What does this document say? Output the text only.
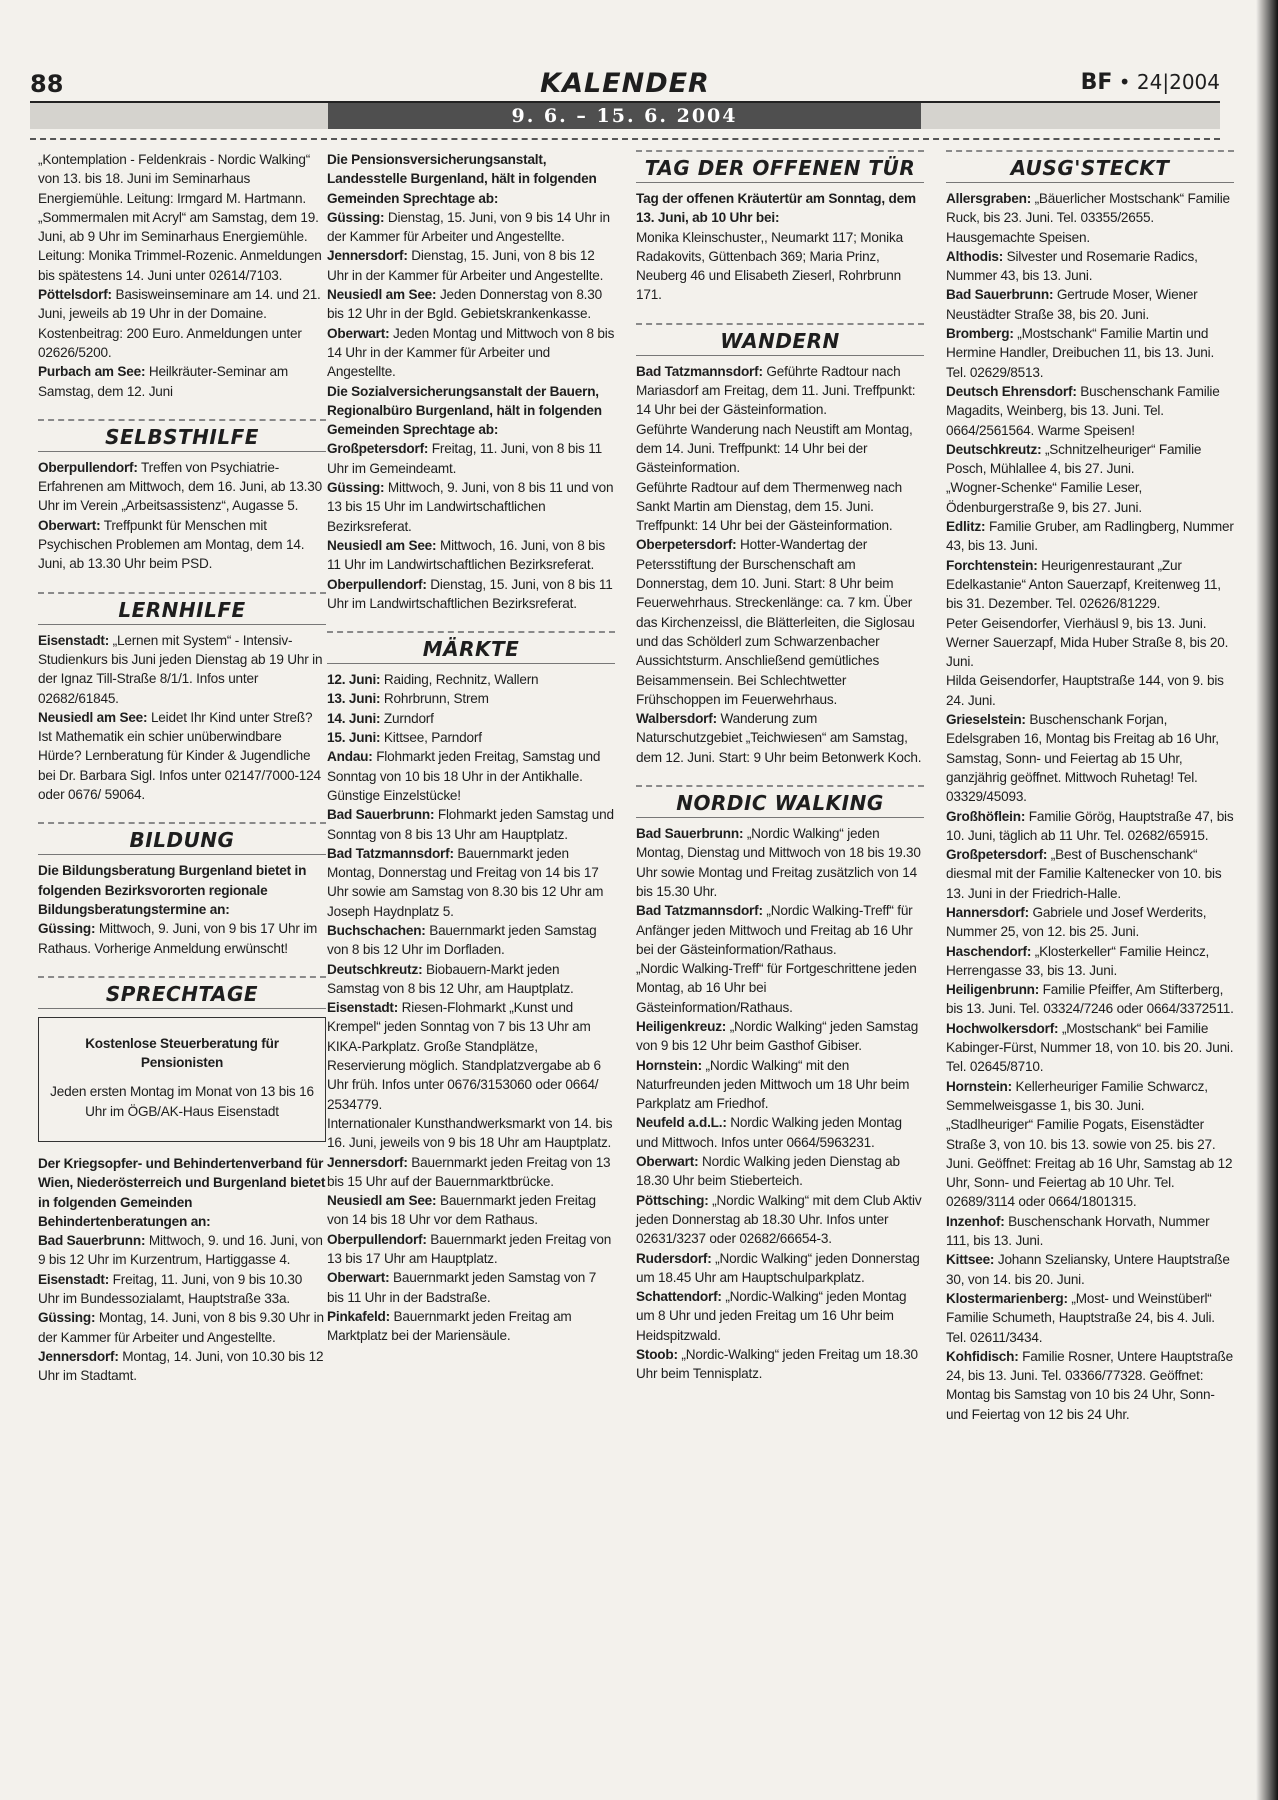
88	KALENDER	BF • 24|2004
9. 6. – 15. 6. 2004

„Kontemplation - Feldenkrais - Nordic Walking“ von 13. bis 18. Juni im Seminarhaus Energiemühle. Leitung: Irmgard M. Hartmann.

„Sommermalen mit Acryl“ am Samstag, dem 19. Juni, ab 9 Uhr im Seminarhaus Energiemühle. Leitung: Monika Trimmel-Rozenic. Anmeldungen bis spätestens 14. Juni unter 02614/7103.

Pöttelsdorf: Basisweinseminare am 14. und 21. Juni, jeweils ab 19 Uhr in der Domaine. Kostenbeitrag: 200 Euro. Anmeldungen unter 02626/5200.

Purbach am See: Heilkräuter-Seminar am Samstag, dem 12. Juni

SELBSTHILFE

Oberpullendorf: Treffen von Psychiatrie-Erfahrenen am Mittwoch, dem 16. Juni, ab 13.30 Uhr im Verein „Arbeitsassistenz“, Augasse 5.

Oberwart: Treffpunkt für Menschen mit Psychischen Problemen am Montag, dem 14. Juni, ab 13.30 Uhr beim PSD.

LERNHILFE

Eisenstadt: „Lernen mit System“ - Intensiv-Studienkurs bis Juni jeden Dienstag ab 19 Uhr in der Ignaz Till-Straße 8/1/1. Infos unter 02682/61845.

Neusiedl am See: Leidet Ihr Kind unter Streß? Ist Mathematik ein schier unüberwindbare Hürde? Lernberatung für Kinder & Jugendliche bei Dr. Barbara Sigl. Infos unter 02147/7000-124 oder 0676/ 59064.

BILDUNG

Die Bildungsberatung Burgenland bietet in folgenden Bezirksvororten regionale Bildungsberatungstermine an:

Güssing: Mittwoch, 9. Juni, von 9 bis 17 Uhr im Rathaus. Vorherige Anmeldung erwünscht!

SPRECHTAGE

Kostenlose Steuerberatung für Pensionisten

Jeden ersten Montag im Monat von 13 bis 16 Uhr im ÖGB/AK-Haus Eisenstadt

Der Kriegsopfer- und Behindertenverband für Wien, Niederösterreich und Burgenland bietet in folgenden Gemeinden Behindertenberatungen an:

Bad Sauerbrunn: Mittwoch, 9. und 16. Juni, von 9 bis 12 Uhr im Kurzentrum, Hartiggasse 4.

Eisenstadt: Freitag, 11. Juni, von 9 bis 10.30 Uhr im Bundessozialamt, Hauptstraße 33a.

Güssing: Montag, 14. Juni, von 8 bis 9.30 Uhr in der Kammer für Arbeiter und Angestellte.

Jennersdorf: Montag, 14. Juni, von 10.30 bis 12 Uhr im Stadtamt.

Die Pensionsversicherungsanstalt, Landesstelle Burgenland, hält in folgenden Gemeinden Sprechtage ab:

Güssing: Dienstag, 15. Juni, von 9 bis 14 Uhr in der Kammer für Arbeiter und Angestellte.

Jennersdorf: Dienstag, 15. Juni, von 8 bis 12 Uhr in der Kammer für Arbeiter und Angestellte.

Neusiedl am See: Jeden Donnerstag von 8.30 bis 12 Uhr in der Bgld. Gebietskrankenkasse.

Oberwart: Jeden Montag und Mittwoch von 8 bis 14 Uhr in der Kammer für Arbeiter und Angestellte.

Die Sozialversicherungsanstalt der Bauern, Regionalbüro Burgenland, hält in folgenden Gemeinden Sprechtage ab:

Großpetersdorf: Freitag, 11. Juni, von 8 bis 11 Uhr im Gemeindeamt.

Güssing: Mittwoch, 9. Juni, von 8 bis 11 und von 13 bis 15 Uhr im Landwirtschaftlichen Bezirksreferat.

Neusiedl am See: Mittwoch, 16. Juni, von 8 bis 11 Uhr im Landwirtschaftlichen Bezirksreferat.

Oberpullendorf: Dienstag, 15. Juni, von 8 bis 11 Uhr im Landwirtschaftlichen Bezirksreferat.

MÄRKTE

12. Juni: Raiding, Rechnitz, Wallern

13. Juni: Rohrbrunn, Strem

14. Juni: Zurndorf

15. Juni: Kittsee, Parndorf

Andau: Flohmarkt jeden Freitag, Samstag und Sonntag von 10 bis 18 Uhr in der Antikhalle. Günstige Einzelstücke!

Bad Sauerbrunn: Flohmarkt jeden Samstag und Sonntag von 8 bis 13 Uhr am Hauptplatz.

Bad Tatzmannsdorf: Bauernmarkt jeden Montag, Donnerstag und Freitag von 14 bis 17 Uhr sowie am Samstag von 8.30 bis 12 Uhr am Joseph Haydnplatz 5.

Buchschachen: Bauernmarkt jeden Samstag von 8 bis 12 Uhr im Dorfladen.

Deutschkreutz: Biobauern-Markt jeden Samstag von 8 bis 12 Uhr, am Hauptplatz.

Eisenstadt: Riesen-Flohmarkt „Kunst und Krempel“ jeden Sonntag von 7 bis 13 Uhr am KIKA-Parkplatz. Große Standplätze, Reservierung möglich. Standplatzvergabe ab 6 Uhr früh. Infos unter 0676/3153060 oder 0664/ 2534779.

Internationaler Kunsthandwerksmarkt von 14. bis 16. Juni, jeweils von 9 bis 18 Uhr am Hauptplatz.

Jennersdorf: Bauernmarkt jeden Freitag von 13 bis 15 Uhr auf der Bauernmarktbrücke.

Neusiedl am See: Bauernmarkt jeden Freitag von 14 bis 18 Uhr vor dem Rathaus.

Oberpullendorf: Bauernmarkt jeden Freitag von 13 bis 17 Uhr am Hauptplatz.

Oberwart: Bauernmarkt jeden Samstag von 7 bis 11 Uhr in der Badstraße.

Pinkafeld: Bauernmarkt jeden Freitag am Marktplatz bei der Mariensäule.

TAG DER OFFENEN TÜR

Tag der offenen Kräutertür am Sonntag, dem 13. Juni, ab 10 Uhr bei:

Monika Kleinschuster,, Neumarkt 117; Monika Radakovits, Güttenbach 369; Maria Prinz, Neuberg 46 und Elisabeth Zieserl, Rohrbrunn 171.

WANDERN

Bad Tatzmannsdorf: Geführte Radtour nach Mariasdorf am Freitag, dem 11. Juni. Treffpunkt: 14 Uhr bei der Gästeinformation.

Geführte Wanderung nach Neustift am Montag, dem 14. Juni. Treffpunkt: 14 Uhr bei der Gästeinformation.

Geführte Radtour auf dem Thermenweg nach Sankt Martin am Dienstag, dem 15. Juni. Treffpunkt: 14 Uhr bei der Gästeinformation.

Oberpetersdorf: Hotter-Wandertag der Petersstiftung der Burschenschaft am Donnerstag, dem 10. Juni. Start: 8 Uhr beim Feuerwehrhaus. Streckenlänge: ca. 7 km. Über das Kirchenzeissl, die Blätterleiten, die Siglosau und das Schölderl zum Schwarzenbacher Aussichtsturm. Anschließend gemütliches Beisammensein. Bei Schlechtwetter Frühschoppen im Feuerwehrhaus.

Walbersdorf: Wanderung zum Naturschutzgebiet „Teichwiesen“ am Samstag, dem 12. Juni. Start: 9 Uhr beim Betonwerk Koch.

NORDIC WALKING

Bad Sauerbrunn: „Nordic Walking“ jeden Montag, Dienstag und Mittwoch von 18 bis 19.30 Uhr sowie Montag und Freitag zusätzlich von 14 bis 15.30 Uhr.

Bad Tatzmannsdorf: „Nordic Walking-Treff“ für Anfänger jeden Mittwoch und Freitag ab 16 Uhr bei der Gästeinformation/Rathaus.

„Nordic Walking-Treff“ für Fortgeschrittene jeden Montag, ab 16 Uhr bei Gästeinformation/Rathaus.

Heiligenkreuz: „Nordic Walking“ jeden Samstag von 9 bis 12 Uhr beim Gasthof Gibiser.

Hornstein: „Nordic Walking“ mit den Naturfreunden jeden Mittwoch um 18 Uhr beim Parkplatz am Friedhof.

Neufeld a.d.L.: Nordic Walking jeden Montag und Mittwoch. Infos unter 0664/5963231.

Oberwart: Nordic Walking jeden Dienstag ab 18.30 Uhr beim Stieberteich.

Pöttsching: „Nordic Walking“ mit dem Club Aktiv jeden Donnerstag ab 18.30 Uhr. Infos unter 02631/3237 oder 02682/66654-3.

Rudersdorf: „Nordic Walking“ jeden Donnerstag um 18.45 Uhr am Hauptschulparkplatz.

Schattendorf: „Nordic-Walking“ jeden Montag um 8 Uhr und jeden Freitag um 16 Uhr beim Heidspitzwald.

Stoob: „Nordic-Walking“ jeden Freitag um 18.30 Uhr beim Tennisplatz.

AUSG'STECKT

Allersgraben: „Bäuerlicher Mostschank“ Familie Ruck, bis 23. Juni. Tel. 03355/2655. Hausgemachte Speisen.

Althodis: Silvester und Rosemarie Radics, Nummer 43, bis 13. Juni.

Bad Sauerbrunn: Gertrude Moser, Wiener Neustädter Straße 38, bis 20. Juni.

Bromberg: „Mostschank“ Familie Martin und Hermine Handler, Dreibuchen 11, bis 13. Juni. Tel. 02629/8513.

Deutsch Ehrensdorf: Buschenschank Familie Magadits, Weinberg, bis 13. Juni. Tel. 0664/2561564. Warme Speisen!

Deutschkreutz: „Schnitzelheuriger“ Familie Posch, Mühlallee 4, bis 27. Juni.

„Wogner-Schenke“ Familie Leser, Ödenburgerstraße 9, bis 27. Juni.

Edlitz: Familie Gruber, am Radlingberg, Nummer 43, bis 13. Juni.

Forchtenstein: Heurigenrestaurant „Zur Edelkastanie“ Anton Sauerzapf, Kreitenweg 11, bis 31. Dezember. Tel. 02626/81229.

Peter Geisendorfer, Vierhäusl 9, bis 13. Juni.

Werner Sauerzapf, Mida Huber Straße 8, bis 20. Juni.

Hilda Geisendorfer, Hauptstraße 144, von 9. bis 24. Juni.

Grieselstein: Buschenschank Forjan, Edelsgraben 16, Montag bis Freitag ab 16 Uhr, Samstag, Sonn- und Feiertag ab 15 Uhr, ganzjährig geöffnet. Mittwoch Ruhetag! Tel. 03329/45093.

Großhöflein: Familie Görög, Hauptstraße 47, bis 10. Juni, täglich ab 11 Uhr. Tel. 02682/65915.

Großpetersdorf: „Best of Buschenschank“ diesmal mit der Familie Kaltenecker von 10. bis 13. Juni in der Friedrich-Halle.

Hannersdorf: Gabriele und Josef Werderits, Nummer 25, von 12. bis 25. Juni.

Haschendorf: „Klosterkeller“ Familie Heincz, Herrengasse 33, bis 13. Juni.

Heiligenbrunn: Familie Pfeiffer, Am Stifterberg, bis 13. Juni. Tel. 03324/7246 oder 0664/3372511.

Hochwolkersdorf: „Mostschank“ bei Familie Kabinger-Fürst, Nummer 18, von 10. bis 20. Juni. Tel. 02645/8710.

Hornstein: Kellerheuriger Familie Schwarcz, Semmelweisgasse 1, bis 30. Juni.

„Stadlheuriger“ Familie Pogats, Eisenstädter Straße 3, von 10. bis 13. sowie von 25. bis 27. Juni. Geöffnet: Freitag ab 16 Uhr, Samstag ab 12 Uhr, Sonn- und Feiertag ab 10 Uhr. Tel. 02689/3114 oder 0664/1801315.

Inzenhof: Buschenschank Horvath, Nummer 111, bis 13. Juni.

Kittsee: Johann Szeliansky, Untere Hauptstraße 30, von 14. bis 20. Juni.

Klostermarienberg: „Most- und Weinstüberl“ Familie Schumeth, Hauptstraße 24, bis 4. Juli. Tel. 02611/3434.

Kohfidisch: Familie Rosner, Untere Hauptstraße 24, bis 13. Juni. Tel. 03366/77328. Geöffnet: Montag bis Samstag von 10 bis 24 Uhr, Sonn- und Feiertag von 12 bis 24 Uhr.
